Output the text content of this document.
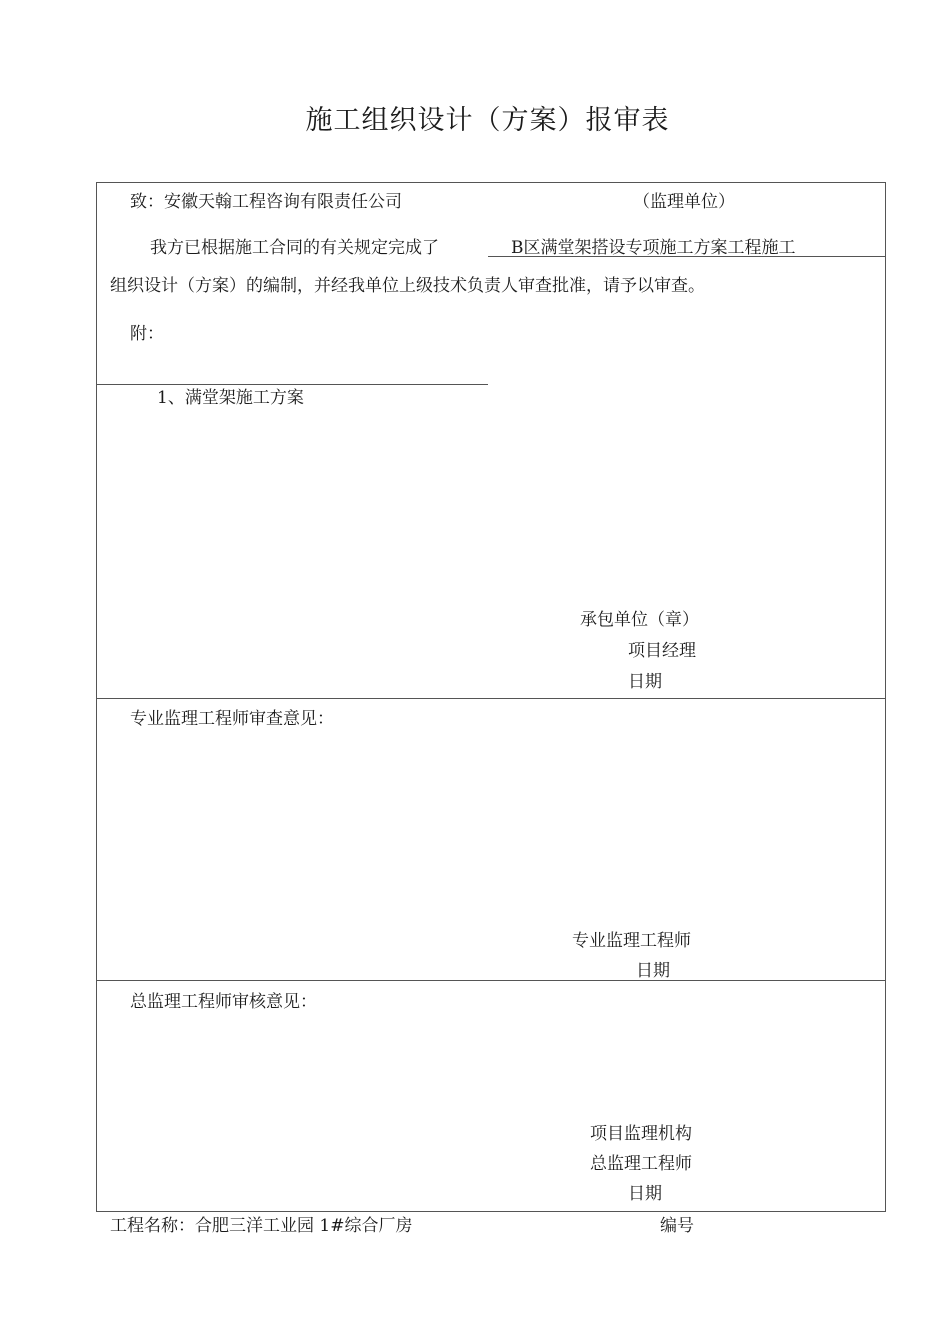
施工组织设计（方案）报审表
致：安徽天翰工程咨询有限责任公司	（监理单位）
我方已根据施工合同的有关规定完成了	B区满堂架搭设专项施工方案工程施工
组织设计（方案）的编制，并经我单位上级技术负责人审查批准，请予以审查。
附：
1、满堂架施工方案
承包单位（章）
项目经理
日期
专业监理工程师审查意见：
专业监理工程师
日期
总监理工程师审核意见：
项目监理机构
总监理工程师
日期
工程名称：合肥三洋工业园 1#综合厂房	编号
